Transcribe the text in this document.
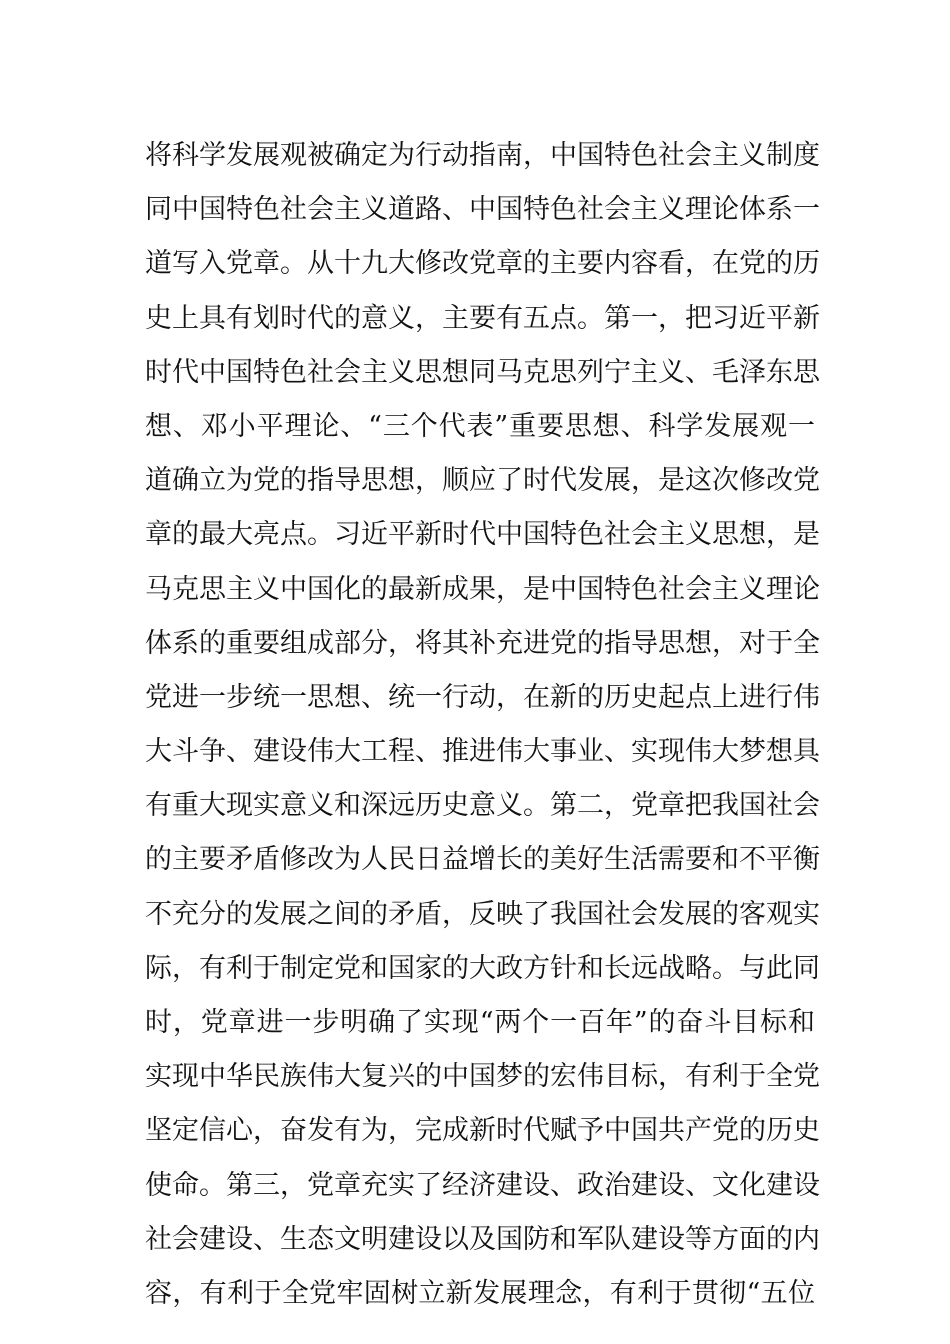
将科学发展观被确定为行动指南，中国特色社会主义制度
同中国特色社会主义道路、中国特色社会主义理论体系一
道写入党章。从十九大修改党章的主要内容看，在党的历
史上具有划时代的意义，主要有五点。第一，把习近平新
时代中国特色社会主义思想同马克思列宁主义、毛泽东思
想、邓小平理论、“三个代表”重要思想、科学发展观一
道确立为党的指导思想，顺应了时代发展，是这次修改党
章的最大亮点。习近平新时代中国特色社会主义思想，是
马克思主义中国化的最新成果，是中国特色社会主义理论
体系的重要组成部分，将其补充进党的指导思想，对于全
党进一步统一思想、统一行动，在新的历史起点上进行伟
大斗争、建设伟大工程、推进伟大事业、实现伟大梦想具
有重大现实意义和深远历史意义。第二，党章把我国社会
的主要矛盾修改为人民日益增长的美好生活需要和不平衡
不充分的发展之间的矛盾，反映了我国社会发展的客观实
际，有利于制定党和国家的大政方针和长远战略。与此同
时，党章进一步明确了实现“两个一百年”的奋斗目标和
实现中华民族伟大复兴的中国梦的宏伟目标，有利于全党
坚定信心，奋发有为，完成新时代赋予中国共产党的历史
使命。第三，党章充实了经济建设、政治建设、文化建设
社会建设、生态文明建设以及国防和军队建设等方面的内
容，有利于全党牢固树立新发展理念，有利于贯彻“五位
